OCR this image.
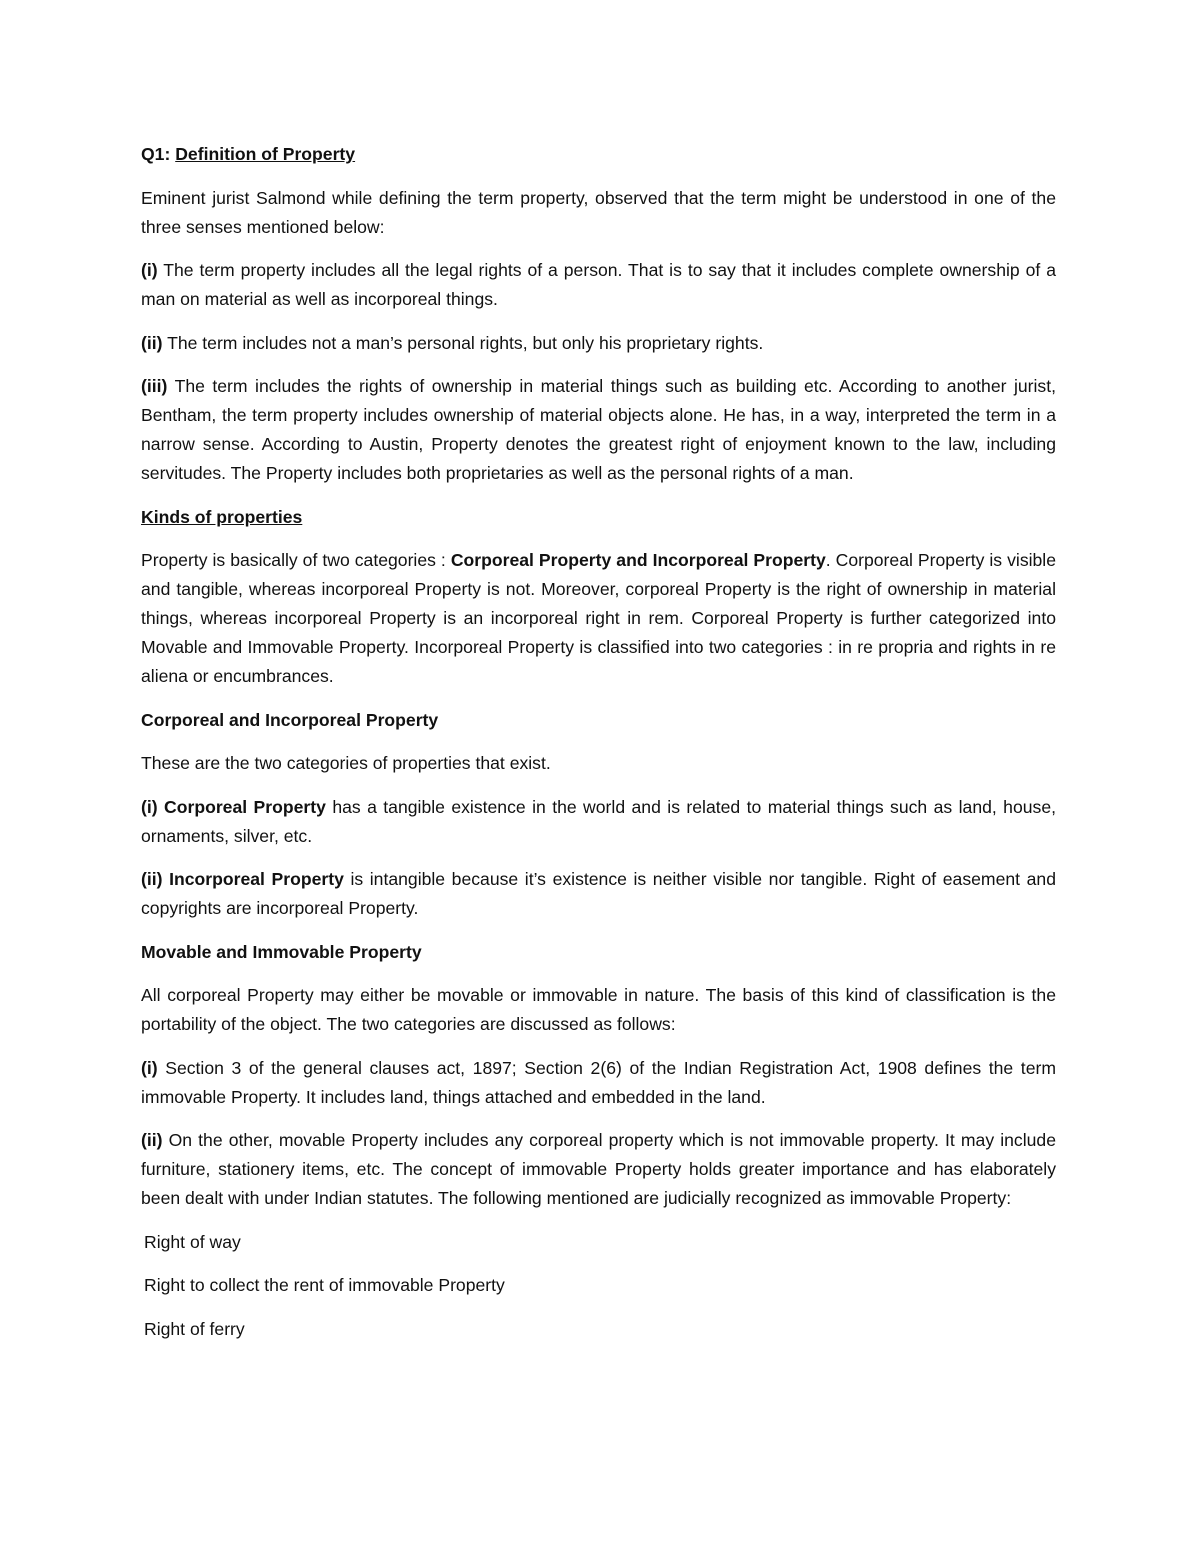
Q1: Definition of Property

Eminent jurist Salmond while defining the term property, observed that the term might be understood in one of the three senses mentioned below:

(i) The term property includes all the legal rights of a person. That is to say that it includes complete ownership of a man on material as well as incorporeal things.

(ii) The term includes not a man’s personal rights, but only his proprietary rights.

(iii) The term includes the rights of ownership in material things such as building etc. According to another jurist, Bentham, the term property includes ownership of material objects alone. He has, in a way, interpreted the term in a narrow sense. According to Austin, Property denotes the greatest right of enjoyment known to the law, including servitudes. The Property includes both proprietaries as well as the personal rights of a man.

Kinds of properties

Property is basically of two categories : Corporeal Property and Incorporeal Property. Corporeal Property is visible and tangible, whereas incorporeal Property is not. Moreover, corporeal Property is the right of ownership in material things, whereas incorporeal Property is an incorporeal right in rem. Corporeal Property is further categorized into Movable and Immovable Property. Incorporeal Property is classified into two categories : in re propria and rights in re aliena or encumbrances.

Corporeal and Incorporeal Property

These are the two categories of properties that exist.

(i) Corporeal Property has a tangible existence in the world and is related to material things such as land, house, ornaments, silver, etc.

(ii) Incorporeal Property is intangible because it’s existence is neither visible nor tangible. Right of easement and copyrights are incorporeal Property.

Movable and Immovable Property

All corporeal Property may either be movable or immovable in nature. The basis of this kind of classification is the portability of the object. The two categories are discussed as follows:

(i) Section 3 of the general clauses act, 1897; Section 2(6) of the Indian Registration Act, 1908 defines the term immovable Property. It includes land, things attached and embedded in the land.

(ii) On the other, movable Property includes any corporeal property which is not immovable property. It may include furniture, stationery items, etc. The concept of immovable Property holds greater importance and has elaborately been dealt with under Indian statutes. The following mentioned are judicially recognized as immovable Property:

Right of way

Right to collect the rent of immovable Property

Right of ferry
